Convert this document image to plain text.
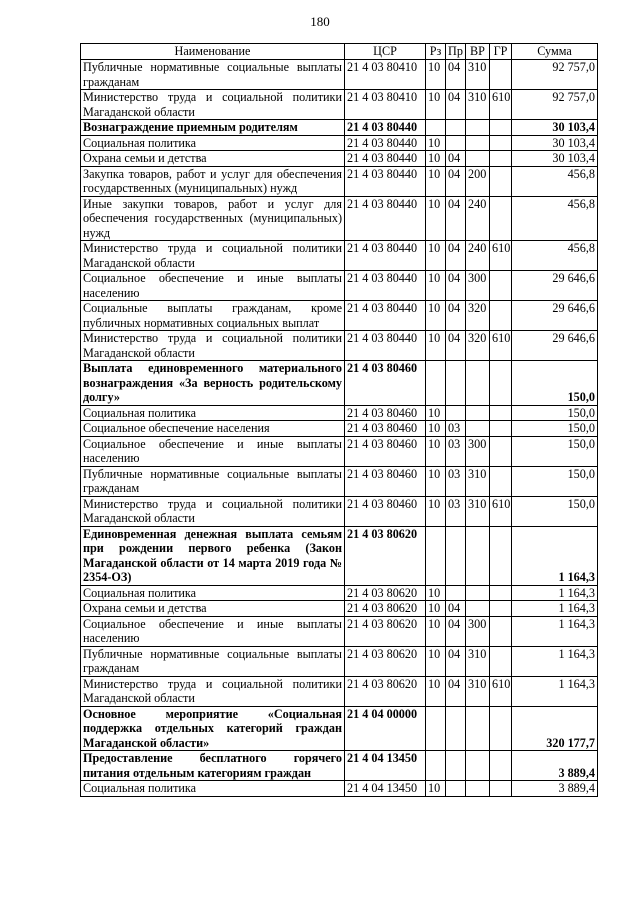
180
Наименование	ЦСР	Рз	Пр	ВР	ГР	Сумма
Публичные нормативные социальные выплаты гражданам	21 4 03 80410	10	04	310		92 757,0
Министерство труда и социальной политики Магаданской области	21 4 03 80410	10	04	310	610	92 757,0
Вознаграждение приемным родителям	21 4 03 80440					30 103,4
Социальная политика	21 4 03 80440	10				30 103,4
Охрана семьи и детства	21 4 03 80440	10	04			30 103,4
Закупка товаров, работ и услуг для обеспечения государственных (муниципальных) нужд	21 4 03 80440	10	04	200		456,8
Иные закупки товаров, работ и услуг для обеспечения государственных (муниципальных) нужд	21 4 03 80440	10	04	240		456,8
Министерство труда и социальной политики Магаданской области	21 4 03 80440	10	04	240	610	456,8
Социальное обеспечение и иные выплаты населению	21 4 03 80440	10	04	300		29 646,6
Социальные выплаты гражданам, кроме публичных нормативных социальных выплат	21 4 03 80440	10	04	320		29 646,6
Министерство труда и социальной политики Магаданской области	21 4 03 80440	10	04	320	610	29 646,6
Выплата единовременного материального вознаграждения «За верность родительскому долгу»	21 4 03 80460					150,0
Социальная политика	21 4 03 80460	10				150,0
Социальное обеспечение населения	21 4 03 80460	10	03			150,0
Социальное обеспечение и иные выплаты населению	21 4 03 80460	10	03	300		150,0
Публичные нормативные социальные выплаты гражданам	21 4 03 80460	10	03	310		150,0
Министерство труда и социальной политики Магаданской области	21 4 03 80460	10	03	310	610	150,0
Единовременная денежная выплата семьям при рождении первого ребенка (Закон Магаданской области от 14 марта 2019 года № 2354-ОЗ)	21 4 03 80620					1 164,3
Социальная политика	21 4 03 80620	10				1 164,3
Охрана семьи и детства	21 4 03 80620	10	04			1 164,3
Социальное обеспечение и иные выплаты населению	21 4 03 80620	10	04	300		1 164,3
Публичные нормативные социальные выплаты гражданам	21 4 03 80620	10	04	310		1 164,3
Министерство труда и социальной политики Магаданской области	21 4 03 80620	10	04	310	610	1 164,3
Основное мероприятие «Социальная поддержка отдельных категорий граждан Магаданской области»	21 4 04 00000					320 177,7
Предоставление бесплатного горячего питания отдельным категориям граждан	21 4 04 13450					3 889,4
Социальная политика	21 4 04 13450	10				3 889,4
